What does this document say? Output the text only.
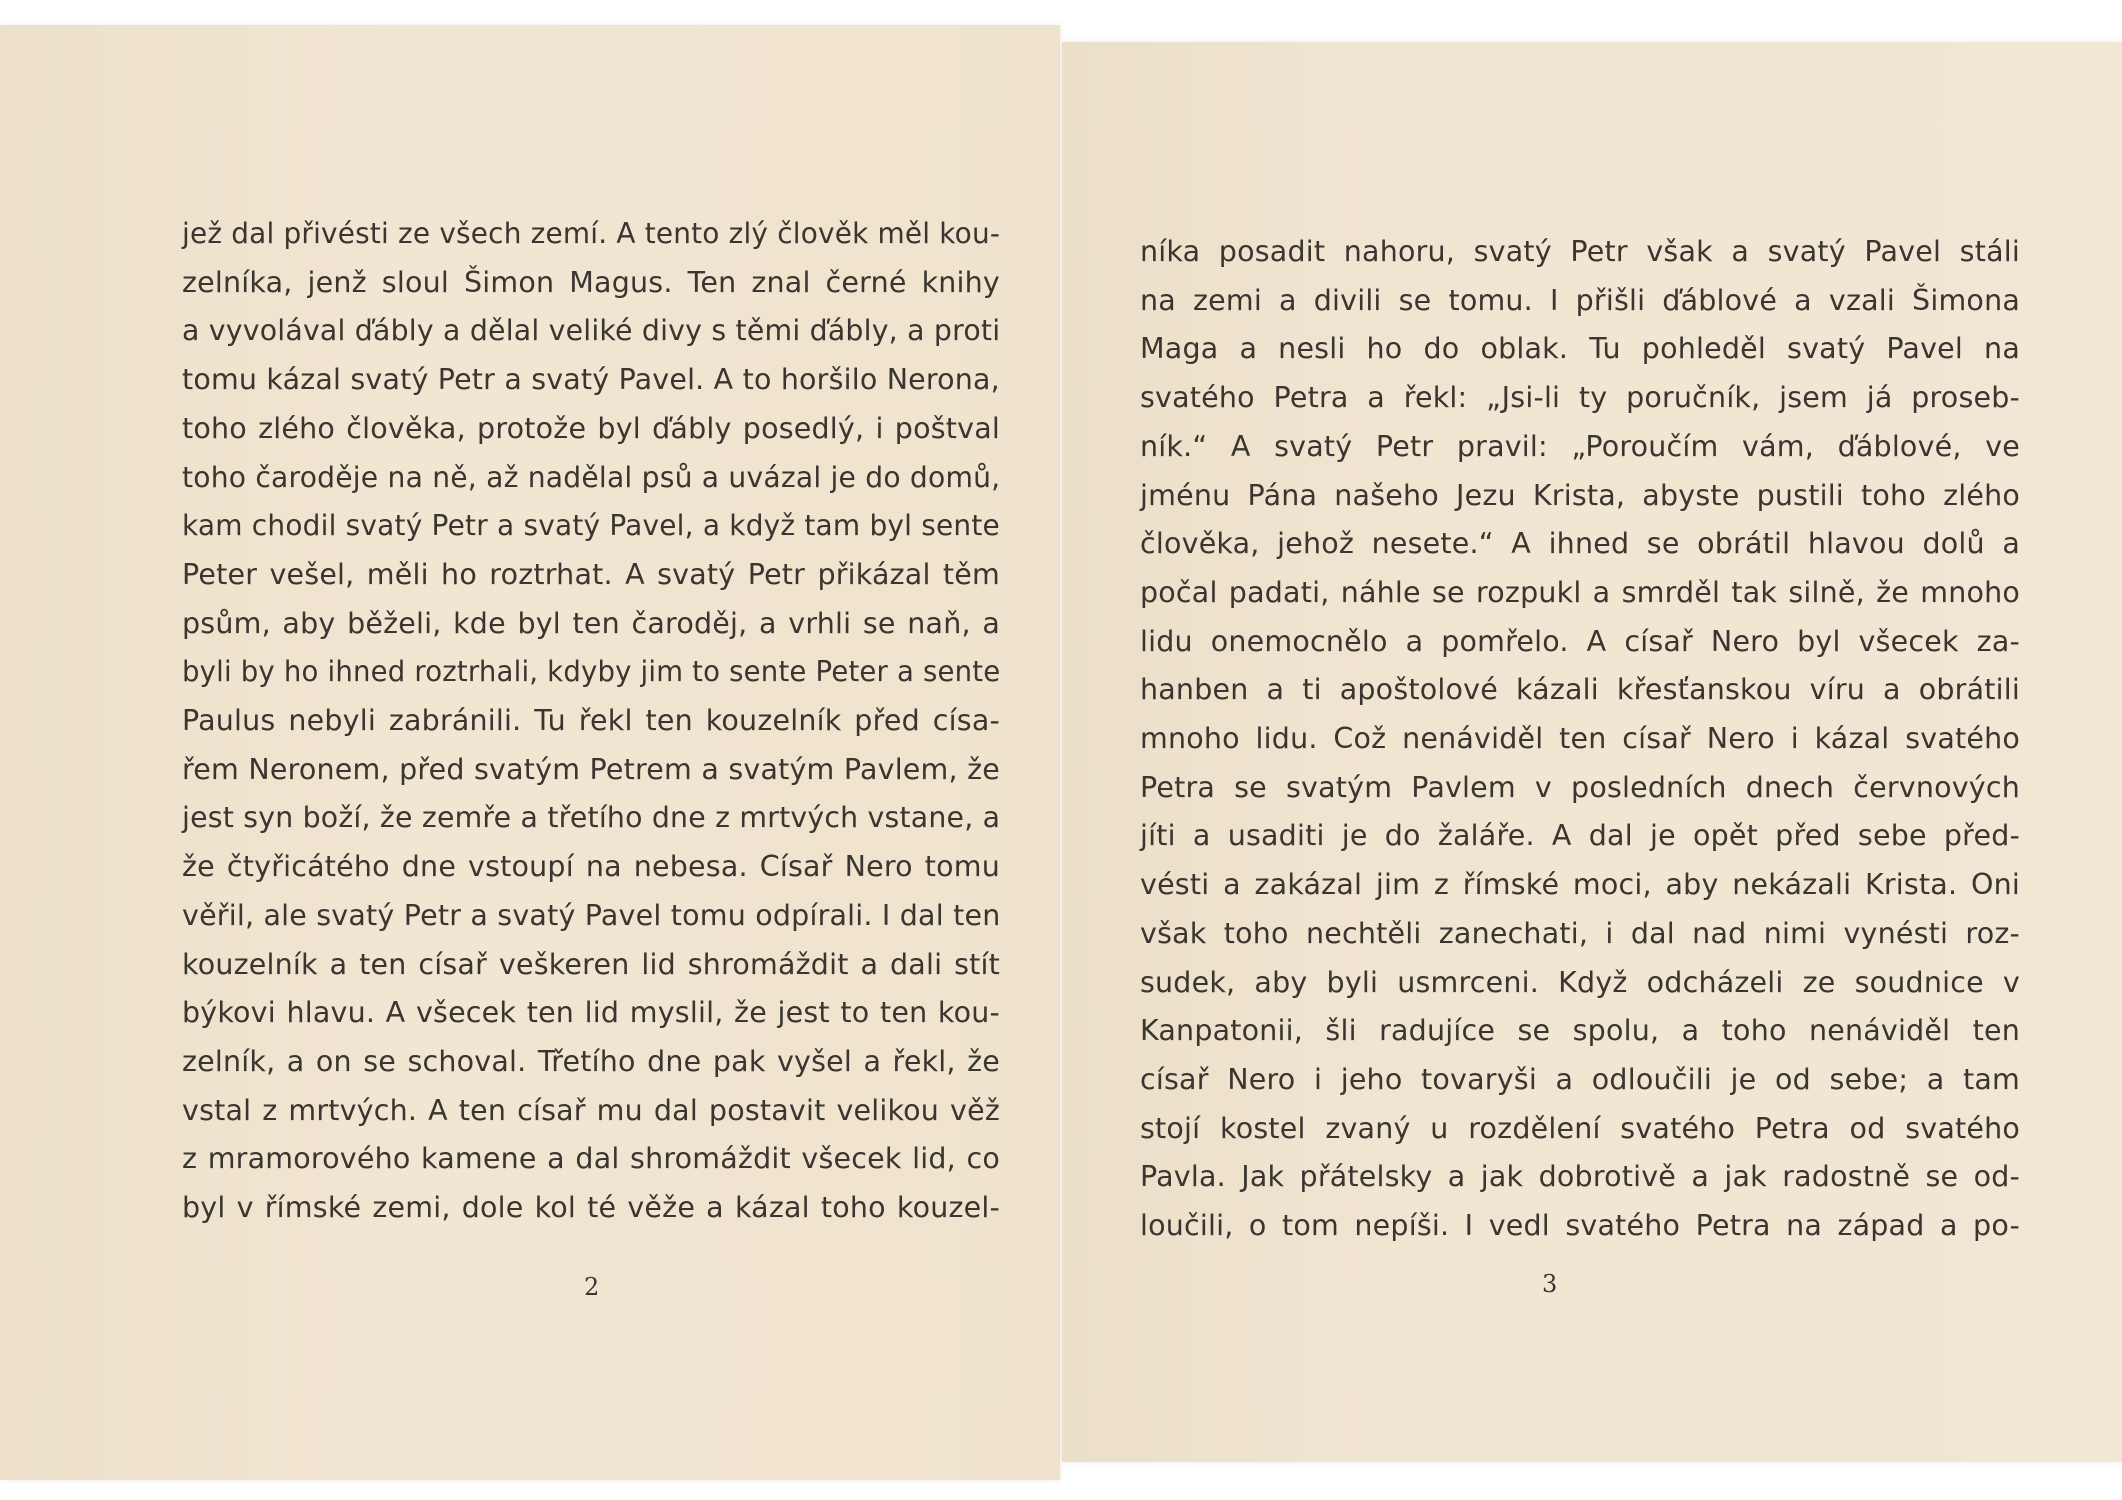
jež dal přivésti ze všech zemí. A tento zlý člověk měl kou-
zelníka, jenž sloul Šimon Magus. Ten znal černé knihy
a vyvolával ďábly a dělal veliké divy s těmi ďábly, a proti
tomu kázal svatý Petr a svatý Pavel. A to horšilo Nerona,
toho zlého člověka, protože byl ďábly posedlý, i poštval
toho čaroděje na ně, až nadělal psů a uvázal je do domů,
kam chodil svatý Petr a svatý Pavel, a když tam byl sente
Peter vešel, měli ho roztrhat. A svatý Petr přikázal těm
psům, aby běželi, kde byl ten čaroděj, a vrhli se naň, a
byli by ho ihned roztrhali, kdyby jim to sente Peter a sente
Paulus nebyli zabránili. Tu řekl ten kouzelník před císa-
řem Neronem, před svatým Petrem a svatým Pavlem, že
jest syn boží, že zemře a třetího dne z mrtvých vstane, a
že čtyřicátého dne vstoupí na nebesa. Císař Nero tomu
věřil, ale svatý Petr a svatý Pavel tomu odpírali. I dal ten
kouzelník a ten císař veškeren lid shromáždit a dali stít
býkovi hlavu. A všecek ten lid myslil, že jest to ten kou-
zelník, a on se schoval. Třetího dne pak vyšel a řekl, že
vstal z mrtvých. A ten císař mu dal postavit velikou věž
z mramorového kamene a dal shromáždit všecek lid, co
byl v římské zemi, dole kol té věže a kázal toho kouzel-
2
níka posadit nahoru, svatý Petr však a svatý Pavel stáli
na zemi a divili se tomu. I přišli ďáblové a vzali Šimona
Maga a nesli ho do oblak. Tu pohleděl svatý Pavel na
svatého Petra a řekl: „Jsi-li ty poručník, jsem já proseb-
ník.“ A svatý Petr pravil: „Poroučím vám, ďáblové, ve
jménu Pána našeho Jezu Krista, abyste pustili toho zlého
člověka, jehož nesete.“ A ihned se obrátil hlavou dolů a
počal padati, náhle se rozpukl a smrděl tak silně, že mnoho
lidu onemocnělo a pomřelo. A císař Nero byl všecek za-
hanben a ti apoštolové kázali křesťanskou víru a obrátili
mnoho lidu. Což nenáviděl ten císař Nero i kázal svatého
Petra se svatým Pavlem v posledních dnech červnových
jíti a usaditi je do žaláře. A dal je opět před sebe před-
vésti a zakázal jim z římské moci, aby nekázali Krista. Oni
však toho nechtěli zanechati, i dal nad nimi vynésti roz-
sudek, aby byli usmrceni. Když odcházeli ze soudnice v
Kanpatonii, šli radujíce se spolu, a toho nenáviděl ten
císař Nero i jeho tovaryši a odloučili je od sebe; a tam
stojí kostel zvaný u rozdělení svatého Petra od svatého
Pavla. Jak přátelsky a jak dobrotivě a jak radostně se od-
loučili, o tom nepíši. I vedl svatého Petra na západ a po-
3
